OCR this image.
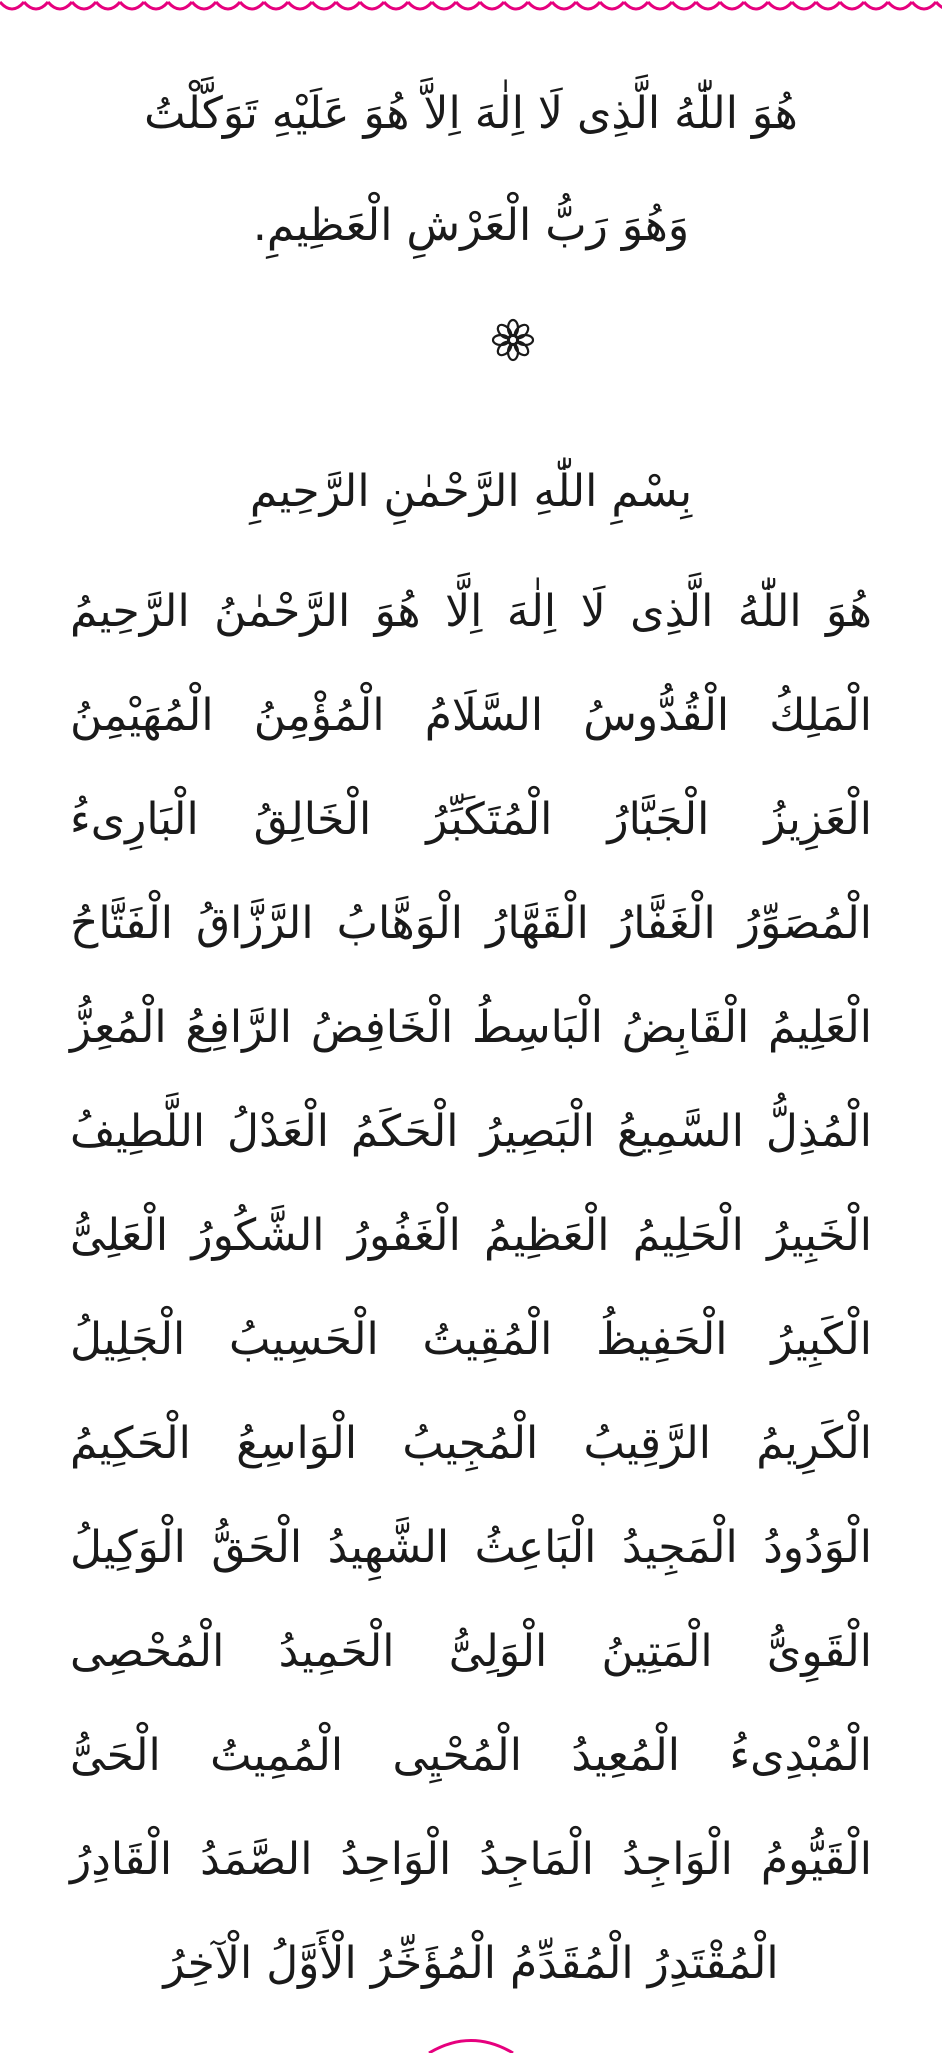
هُوَ اللّٰهُ الَّذِى لَا اِلٰهَ اِلاَّ هُوَ عَلَيْهِ تَوَكَّلْتُ
وَهُوَ رَبُّ الْعَرْشِ الْعَظِيمِ.
بِسْمِ اللّٰهِ الرَّحْمٰنِ الرَّحِيمِ
هُوَ اللّٰهُ الَّذِى لَا اِلٰهَ اِلَّا هُوَ الرَّحْمٰنُ الرَّحِيمُ
الْمَلِكُ الْقُدُّوسُ السَّلَامُ الْمُؤْمِنُ الْمُهَيْمِنُ
الْعَزِيزُ الْجَبَّارُ الْمُتَكَبِّرُ الْخَالِقُ الْبَارِىءُ
الْمُصَوِّرُ الْغَفَّارُ الْقَهَّارُ الْوَهَّابُ الرَّزَّاقُ الْفَتَّاحُ
الْعَلِيمُ الْقَابِضُ الْبَاسِطُ الْخَافِضُ الرَّافِعُ الْمُعِزُّ
الْمُذِلُّ السَّمِيعُ الْبَصِيرُ الْحَكَمُ الْعَدْلُ اللَّطِيفُ
الْخَبِيرُ الْحَلِيمُ الْعَظِيمُ الْغَفُورُ الشَّكُورُ الْعَلِىُّ
الْكَبِيرُ الْحَفِيظُ الْمُقِيتُ الْحَسِيبُ الْجَلِيلُ
الْكَرِيمُ الرَّقِيبُ الْمُجِيبُ الْوَاسِعُ الْحَكِيمُ
الْوَدُودُ الْمَجِيدُ الْبَاعِثُ الشَّهِيدُ الْحَقُّ الْوَكِيلُ
الْقَوِىُّ الْمَتِينُ الْوَلِىُّ الْحَمِيدُ الْمُحْصِى
الْمُبْدِىءُ الْمُعِيدُ الْمُحْيِى الْمُمِيتُ الْحَىُّ
الْقَيُّومُ الْوَاجِدُ الْمَاجِدُ الْوَاحِدُ الصَّمَدُ الْقَادِرُ
الْمُقْتَدِرُ الْمُقَدِّمُ الْمُؤَخِّرُ الْأَوَّلُ الْآخِرُ
